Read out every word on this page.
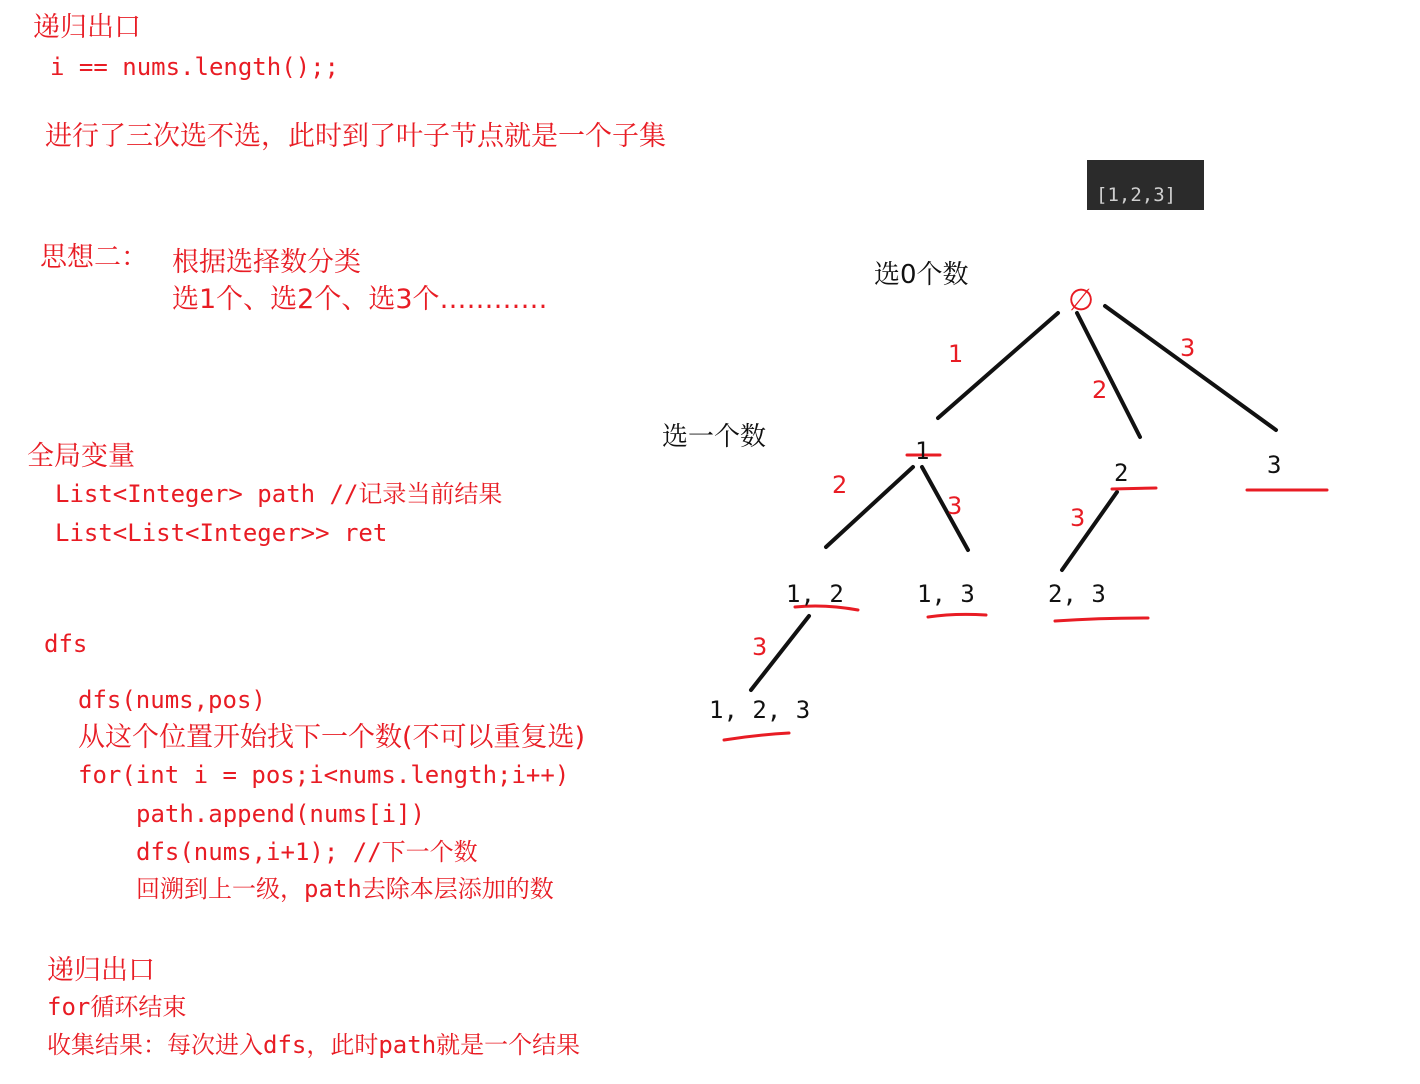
递归出口
i == nums.length();;
进行了三次选不选，此时到了叶子节点就是一个子集
思想二： 根据选择数分类
选1个、选2个、选3个…………
全局变量
List<Integer> path //记录当前结果
List<List<Integer>> ret
dfs
dfs(nums,pos)
从这个位置开始找下一个数(不可以重复选)
for(int i = pos;i<nums.length;i++)
path.append(nums[i])
dfs(nums,i+1); //下一个数
回溯到上一级，path去除本层添加的数
递归出口
for循环结束
收集结果：每次进入dfs，此时path就是一个结果
[1,2,3]
选0个数
选一个数
∅
1
2	3
1, 2	1, 3	2, 3
1, 2, 3
1
2
3
2
3	3
3
